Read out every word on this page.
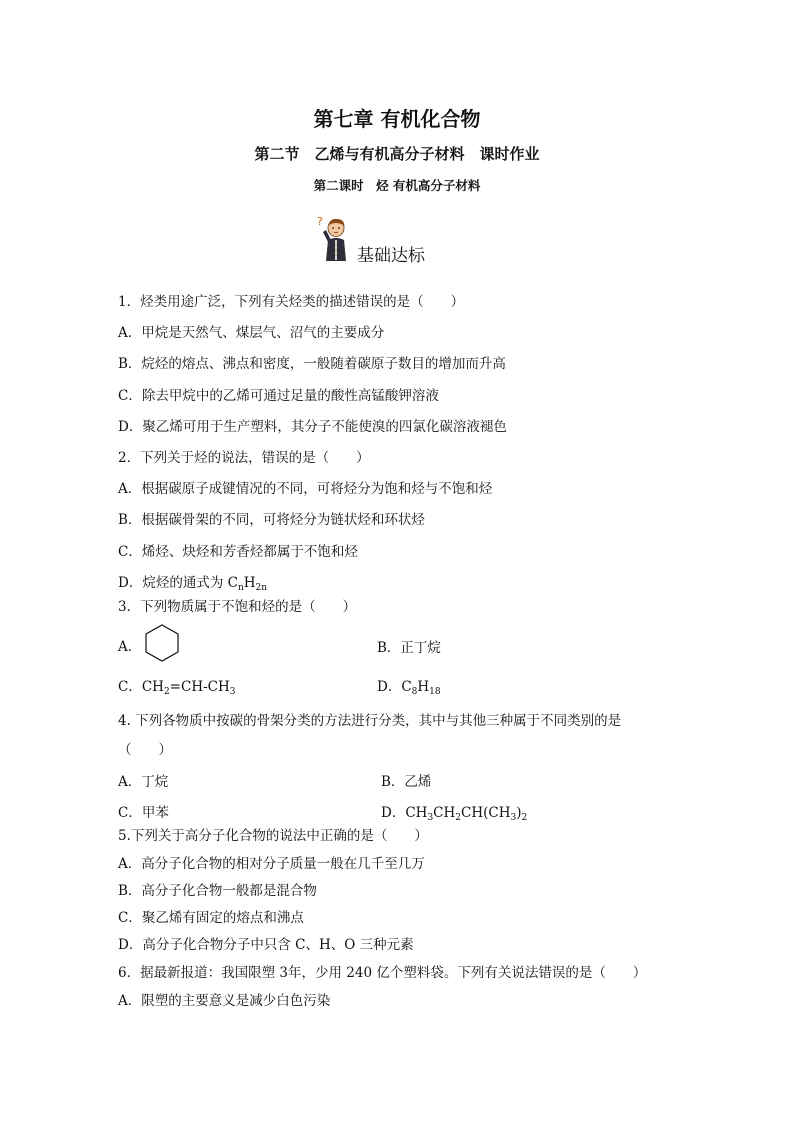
第七章 有机化合物
第二节　乙烯与有机高分子材料　课时作业
第二课时　烃 有机高分子材料
?
基础达标
1．烃类用途广泛，下列有关烃类的描述错误的是（　　）
A．甲烷是天然气、煤层气、沼气的主要成分
B．烷烃的熔点、沸点和密度，一般随着碳原子数目的增加而升高
C．除去甲烷中的乙烯可通过足量的酸性高锰酸钾溶液
D．聚乙烯可用于生产塑料，其分子不能使溴的四氯化碳溶液褪色
2．下列关于烃的说法，错误的是（　　）
A．根据碳原子成键情况的不同，可将烃分为饱和烃与不饱和烃
B．根据碳骨架的不同，可将烃分为链状烃和环状烃
C．烯烃、炔烃和芳香烃都属于不饱和烃
D．烷烃的通式为 $C_nH_{2n}$
3．下列物质属于不饱和烃的是（　　）
A．	B．正丁烷
C．$CH_2=CH-CH_3$	D．$C_8H_{18}$
4. 下列各物质中按碳的骨架分类的方法进行分类，其中与其他三种属于不同类别的是
（　　）
A．丁烷	B．乙烯
C．甲苯	D．$CH_3CH_2CH(CH_3)_2$
5.下列关于高分子化合物的说法中正确的是（　　）
A．高分子化合物的相对分子质量一般在几千至几万
B．高分子化合物一般都是混合物
C．聚乙烯有固定的熔点和沸点
D．高分子化合物分子中只含 C、H、O 三种元素
6．据最新报道：我国限塑 3年，少用 240 亿个塑料袋。下列有关说法错误的是（　　）
A．限塑的主要意义是减少白色污染
